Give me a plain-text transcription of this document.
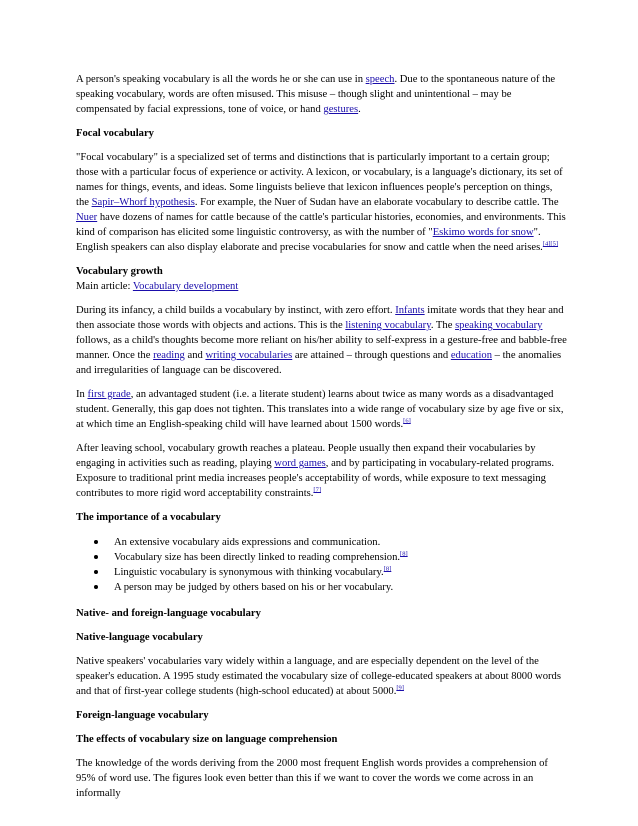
A person's speaking vocabulary is all the words he or she can use in speech. Due to the spontaneous nature of the speaking vocabulary, words are often misused. This misuse – though slight and unintentional – may be compensated by facial expressions, tone of voice, or hand gestures.

Focal vocabulary

"Focal vocabulary" is a specialized set of terms and distinctions that is particularly important to a certain group; those with a particular focus of experience or activity. A lexicon, or vocabulary, is a language's dictionary, its set of names for things, events, and ideas. Some linguists believe that lexicon influences people's perception on things, the Sapir–Whorf hypothesis. For example, the Nuer of Sudan have an elaborate vocabulary to describe cattle. The Nuer have dozens of names for cattle because of the cattle's particular histories, economies, and environments. This kind of comparison has elicited some linguistic controversy, as with the number of "Eskimo words for snow". English speakers can also display elaborate and precise vocabularies for snow and cattle when the need arises.[4][5]

Vocabulary growth

Main article: Vocabulary development

During its infancy, a child builds a vocabulary by instinct, with zero effort. Infants imitate words that they hear and then associate those words with objects and actions. This is the listening vocabulary. The speaking vocabulary follows, as a child's thoughts become more reliant on his/her ability to self-express in a gesture-free and babble-free manner. Once the reading and writing vocabularies are attained – through questions and education – the anomalies and irregularities of language can be discovered.

In first grade, an advantaged student (i.e. a literate student) learns about twice as many words as a disadvantaged student. Generally, this gap does not tighten. This translates into a wide range of vocabulary size by age five or six, at which time an English-speaking child will have learned about 1500 words.[6]

After leaving school, vocabulary growth reaches a plateau. People usually then expand their vocabularies by engaging in activities such as reading, playing word games, and by participating in vocabulary-related programs. Exposure to traditional print media increases people's acceptability of words, while exposure to text messaging contributes to more rigid word acceptability constraints.[7]

The importance of a vocabulary
An extensive vocabulary aids expressions and communication.
Vocabulary size has been directly linked to reading comprehension.[8]
Linguistic vocabulary is synonymous with thinking vocabulary.[8]
A person may be judged by others based on his or her vocabulary.
Native- and foreign-language vocabulary
Native-language vocabulary

Native speakers' vocabularies vary widely within a language, and are especially dependent on the level of the speaker's education. A 1995 study estimated the vocabulary size of college-educated speakers at about 8000 words and that of first-year college students (high-school educated) at about 5000.[9]

Foreign-language vocabulary
The effects of vocabulary size on language comprehension

The knowledge of the words deriving from the 2000 most frequent English words provides a comprehension of 95% of word use. The figures look even better than this if we want to cover the words we come across in an informally
